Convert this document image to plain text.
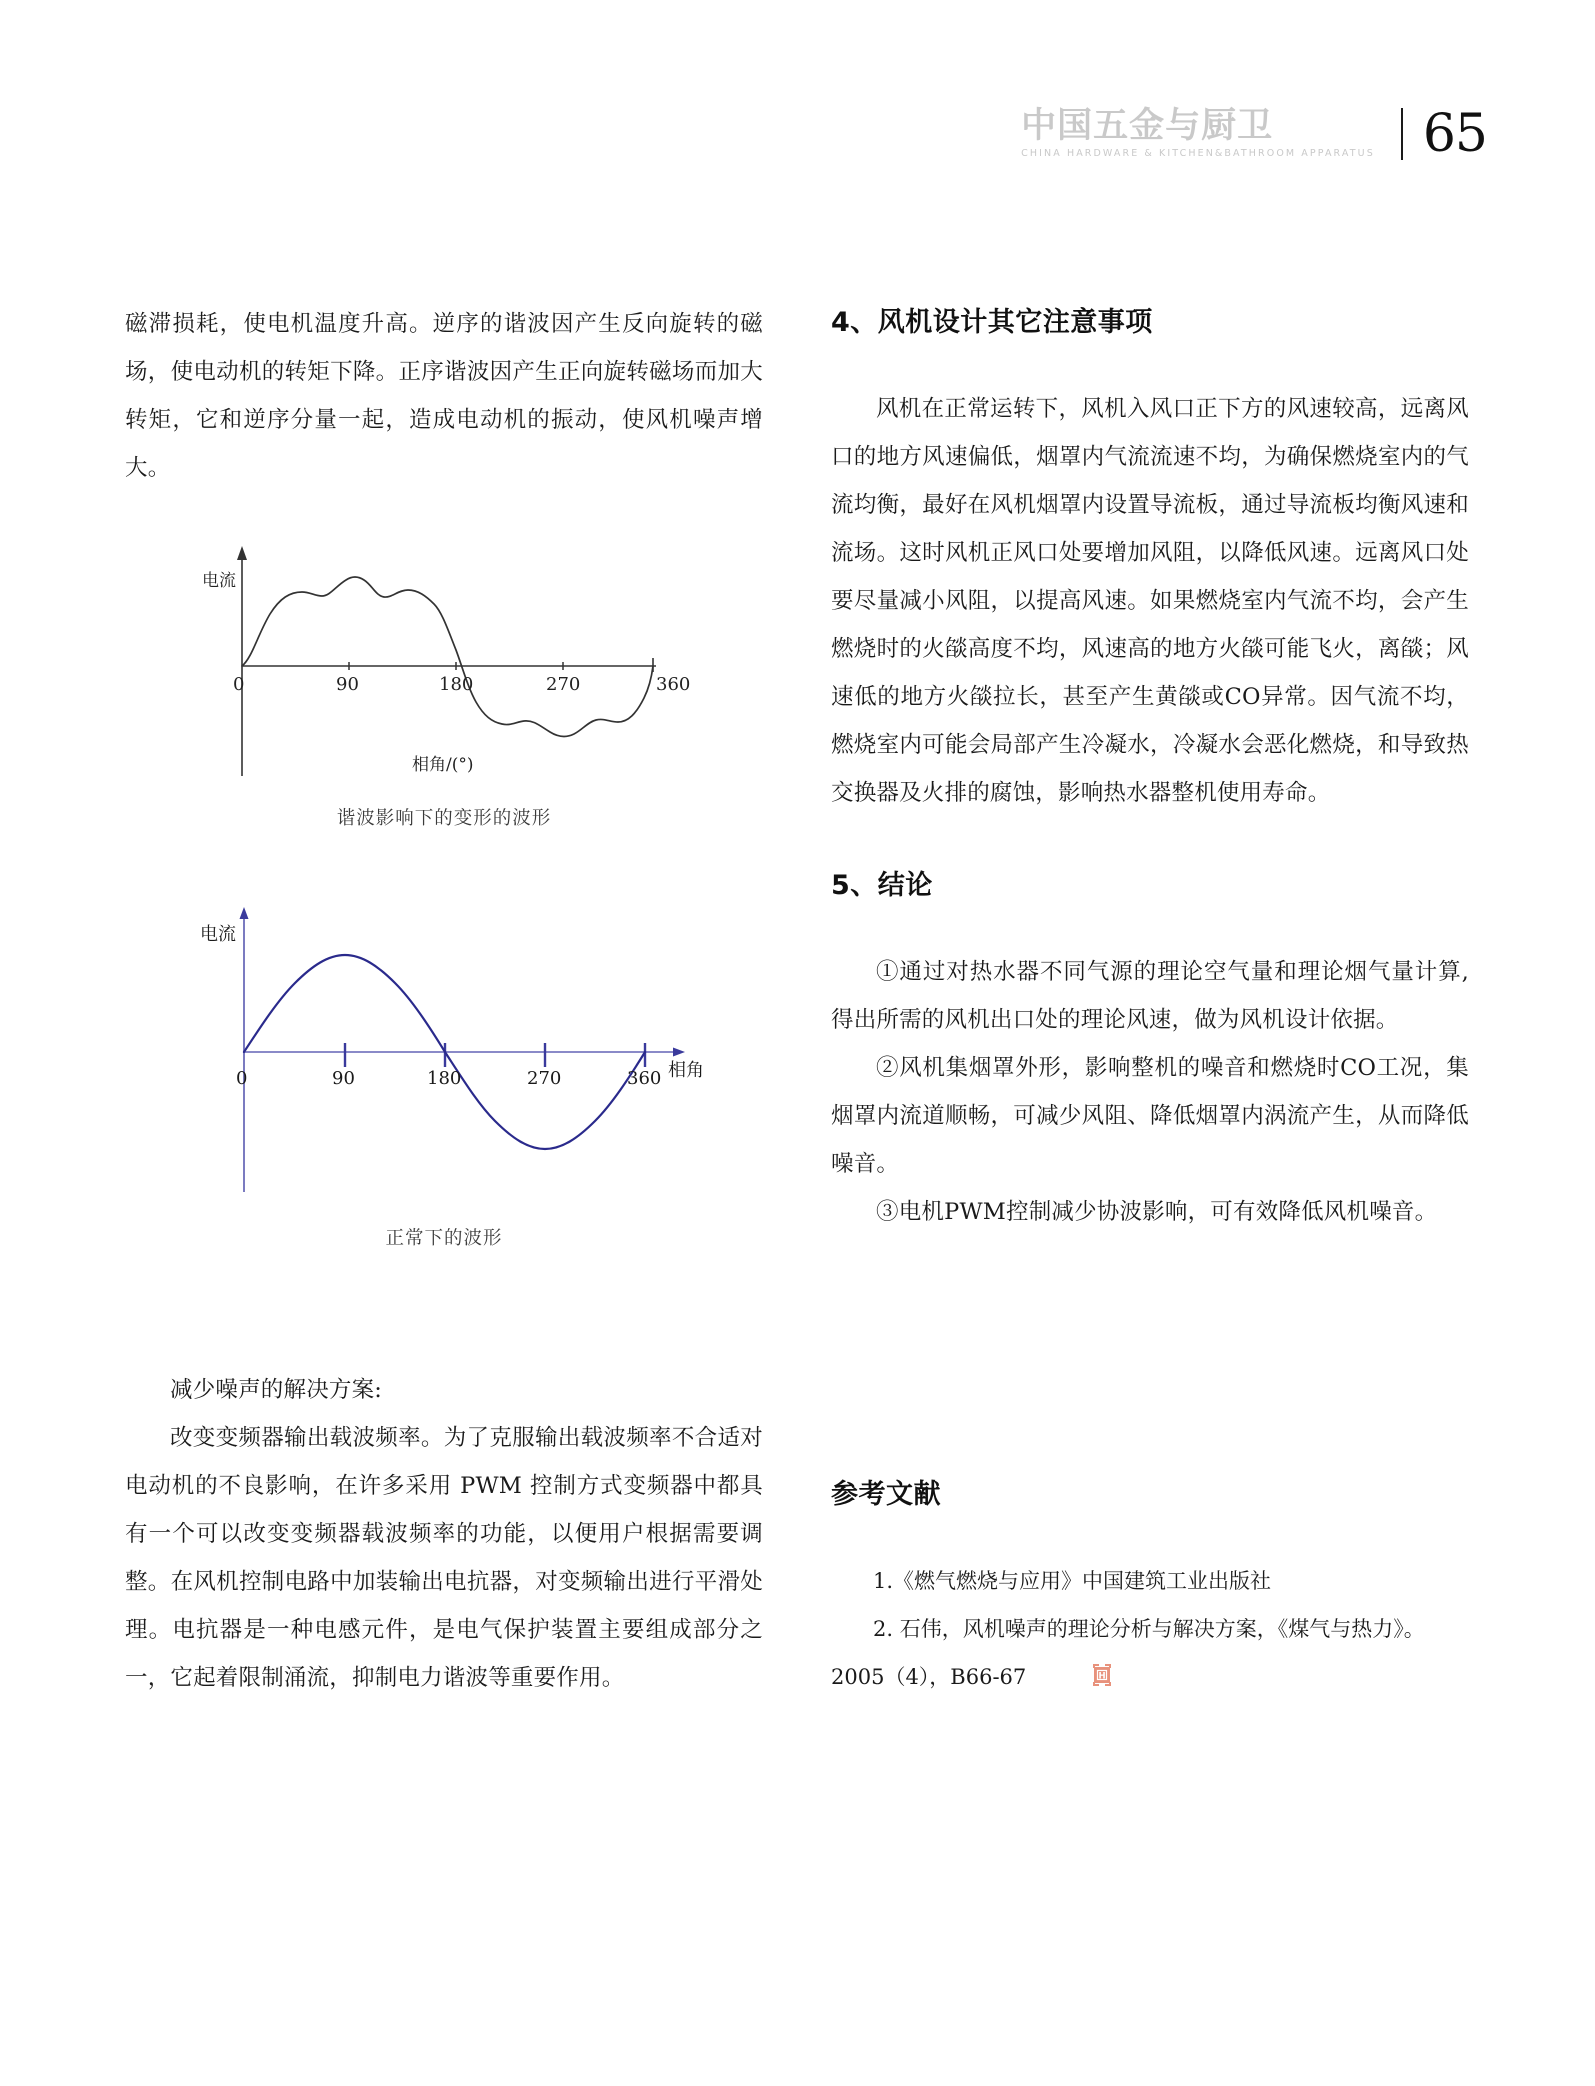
中国五金与厨卫
CHINA HARDWARE & KITCHEN&BATHROOM APPARATUS 65

磁滞损耗，使电机温度升高。逆序的谐波因产生反向旋转的磁场，使电动机的转矩下降。正序谐波因产生正向旋转磁场而加大转矩，它和逆序分量一起，造成电动机的振动，使风机噪声增大。

电流
0	90	180	270	360
相角/(°)
谐波影响下的变形的波形
电流
0	90	180	270	360 相角
正常下的波形

减少噪声的解决方案:

改变变频器输出载波频率。为了克服输出载波频率不合适对电动机的不良影响，在许多采用 PWM 控制方式变频器中都具有一个可以改变变频器载波频率的功能，以便用户根据需要调整。在风机控制电路中加装输出电抗器，对变频输出进行平滑处理。电抗器是一种电感元件，是电气保护装置主要组成部分之一，它起着限制涌流，抑制电力谐波等重要作用。

4、风机设计其它注意事项

风机在正常运转下，风机入风口正下方的风速较高，远离风口的地方风速偏低，烟罩内气流流速不均，为确保燃烧室内的气流均衡，最好在风机烟罩内设置导流板，通过导流板均衡风速和流场。这时风机正风口处要增加风阻，以降低风速。远离风口处要尽量减小风阻，以提高风速。如果燃烧室内气流不均，会产生燃烧时的火燄高度不均，风速高的地方火燄可能飞火，离燄；风速低的地方火燄拉长，甚至产生黄燄或CO异常。因气流不均，燃烧室内可能会局部产生冷凝水，冷凝水会恶化燃烧，和导致热交换器及火排的腐蚀，影响热水器整机使用寿命。

5、结论

①通过对热水器不同气源的理论空气量和理论烟气量计算,得出所需的风机出口处的理论风速，做为风机设计依据。

②风机集烟罩外形，影响整机的噪音和燃烧时CO工况，集烟罩内流道顺畅，可减少风阻、降低烟罩内涡流产生，从而降低噪音。

③电机PWM控制减少协波影响，可有效降低风机噪音。

参考文献
1.《燃气燃烧与应用》中国建筑工业出版社
2. 石伟，风机噪声的理论分析与解决方案，《煤气与热力》。2005（4），B66-67	H
